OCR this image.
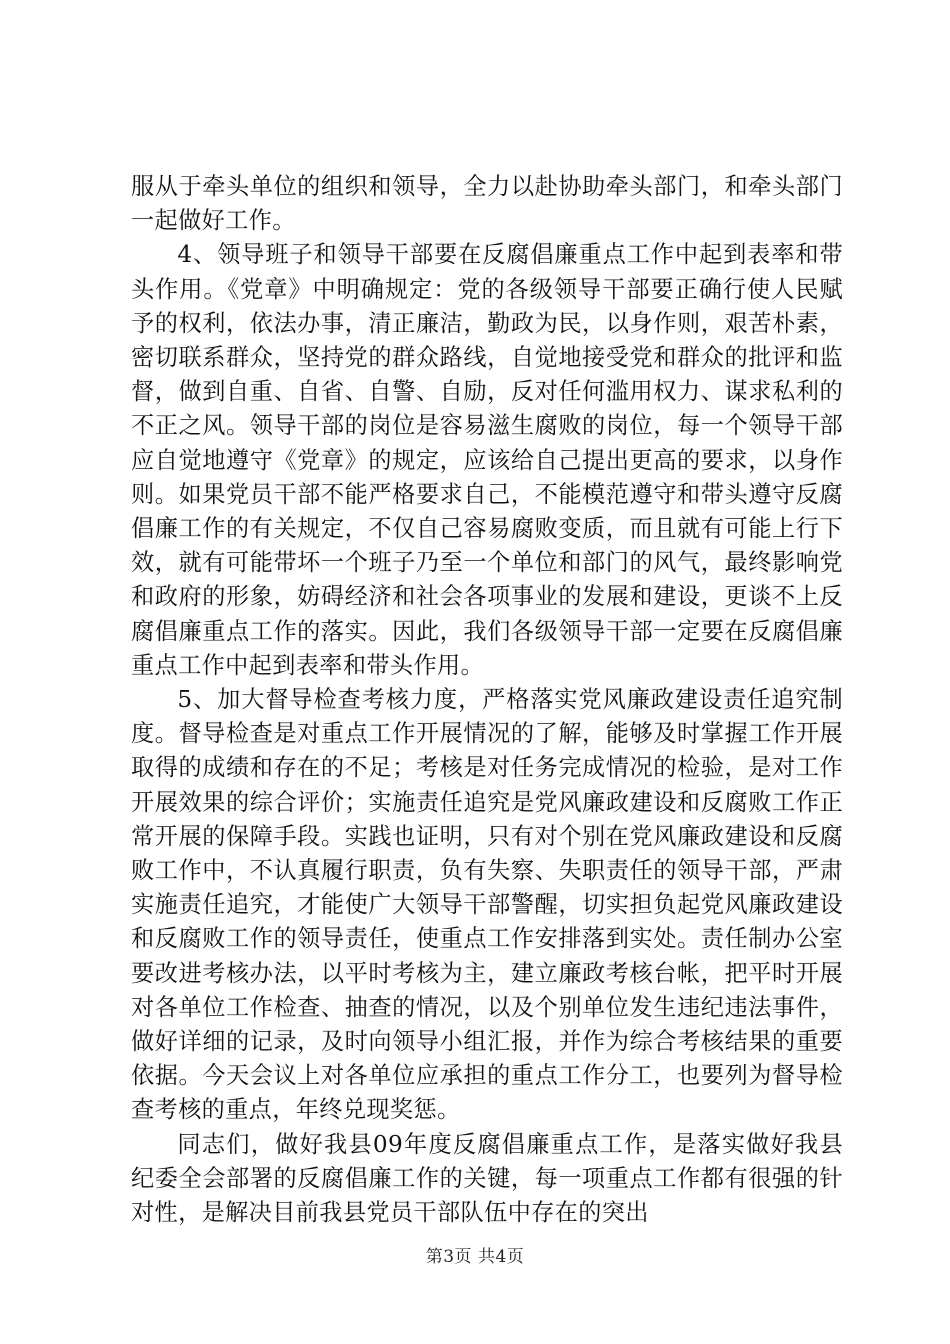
服从于牵头单位的组织和领导，全力以赴协助牵头部门，和牵头部门一起做好工作。

4、领导班子和领导干部要在反腐倡廉重点工作中起到表率和带头作用。《党章》中明确规定：党的各级领导干部要正确行使人民赋予的权利，依法办事，清正廉洁，勤政为民，以身作则，艰苦朴素，密切联系群众，坚持党的群众路线，自觉地接受党和群众的批评和监督，做到自重、自省、自警、自励，反对任何滥用权力、谋求私利的不正之风。领导干部的岗位是容易滋生腐败的岗位，每一个领导干部应自觉地遵守《党章》的规定，应该给自己提出更高的要求，以身作则。如果党员干部不能严格要求自己，不能模范遵守和带头遵守反腐倡廉工作的有关规定，不仅自己容易腐败变质，而且就有可能上行下效，就有可能带坏一个班子乃至一个单位和部门的风气，最终影响党和政府的形象，妨碍经济和社会各项事业的发展和建设，更谈不上反腐倡廉重点工作的落实。因此，我们各级领导干部一定要在反腐倡廉重点工作中起到表率和带头作用。

5、加大督导检查考核力度，严格落实党风廉政建设责任追究制度。督导检查是对重点工作开展情况的了解，能够及时掌握工作开展取得的成绩和存在的不足；考核是对任务完成情况的检验，是对工作开展效果的综合评价；实施责任追究是党风廉政建设和反腐败工作正常开展的保障手段。实践也证明，只有对个别在党风廉政建设和反腐败工作中，不认真履行职责，负有失察、失职责任的领导干部，严肃实施责任追究，才能使广大领导干部警醒，切实担负起党风廉政建设和反腐败工作的领导责任，使重点工作安排落到实处。责任制办公室要改进考核办法，以平时考核为主，建立廉政考核台帐，把平时开展对各单位工作检查、抽查的情况，以及个别单位发生违纪违法事件，做好详细的记录，及时向领导小组汇报，并作为综合考核结果的重要依据。今天会议上对各单位应承担的重点工作分工，也要列为督导检查考核的重点，年终兑现奖惩。

同志们，做好我县09年度反腐倡廉重点工作，是落实做好我县纪委全会部署的反腐倡廉工作的关键，每一项重点工作都有很强的针对性，是解决目前我县党员干部队伍中存在的突出

第3页 共4页
